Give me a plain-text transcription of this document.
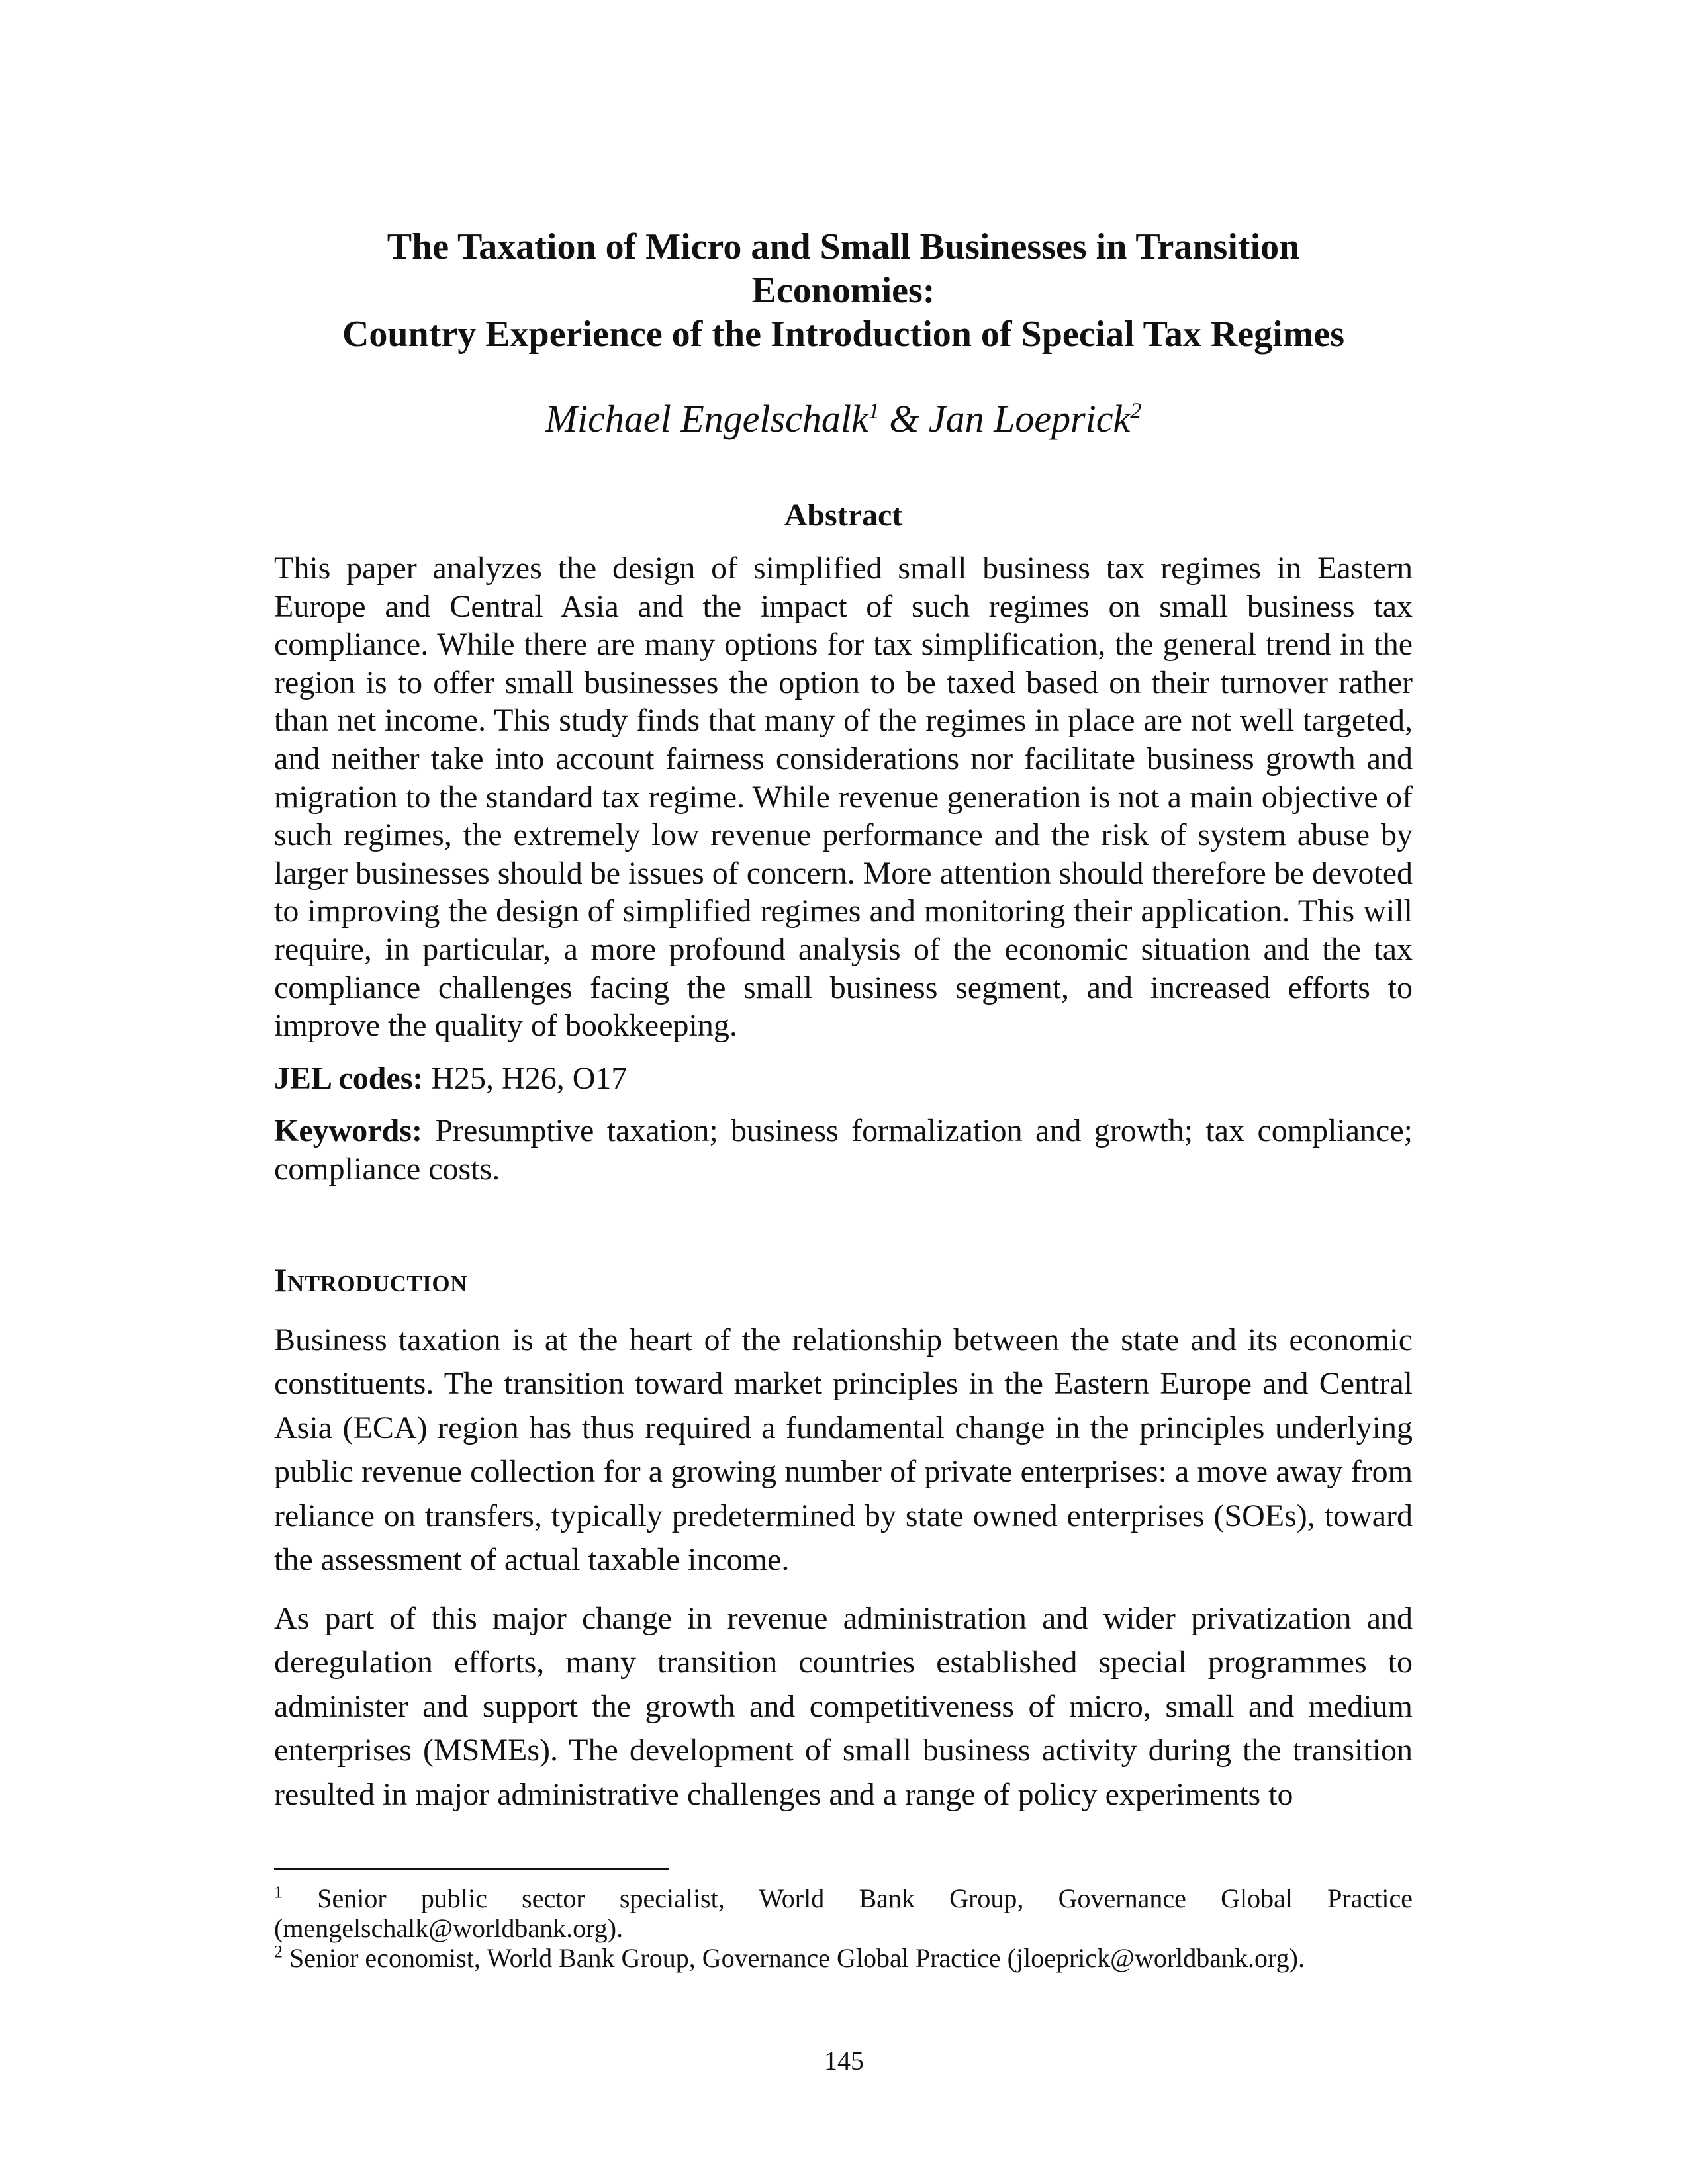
The Taxation of Micro and Small Businesses in Transition
Economies:
Country Experience of the Introduction of Special Tax Regimes
Michael Engelschalk$^1$ & Jan Loeprick$^2$
Abstract

This paper analyzes the design of simplified small business tax regimes in Eastern Europe and Central Asia and the impact of such regimes on small business tax compliance. While there are many options for tax simplification, the general trend in the region is to offer small businesses the option to be taxed based on their turnover rather than net income. This study finds that many of the regimes in place are not well targeted, and neither take into account fairness considerations nor facilitate business growth and migration to the standard tax regime. While revenue generation is not a main objective of such regimes, the extremely low revenue performance and the risk of system abuse by larger businesses should be issues of concern. More attention should therefore be devoted to improving the design of simplified regimes and monitoring their application. This will require, in particular, a more profound analysis of the economic situation and the tax compliance challenges facing the small business segment, and increased efforts to improve the quality of bookkeeping.

JEL codes: H25, H26, O17

Keywords: Presumptive taxation; business formalization and growth; tax compliance; compliance costs.

Introduction

Business taxation is at the heart of the relationship between the state and its economic constituents. The transition toward market principles in the Eastern Europe and Central Asia (ECA) region has thus required a fundamental change in the principles underlying public revenue collection for a growing number of private enterprises: a move away from reliance on transfers, typically predetermined by state owned enterprises (SOEs), toward the assessment of actual taxable income.

As part of this major change in revenue administration and wider privatization and deregulation efforts, many transition countries established special programmes to administer and support the growth and competitiveness of micro, small and medium enterprises (MSMEs). The development of small business activity during the transition resulted in major administrative challenges and a range of policy experiments to

$^1$ Senior public sector specialist, World Bank Group, Governance Global Practice (mengelschalk@worldbank.org).

$^2$ Senior economist, World Bank Group, Governance Global Practice (jloeprick@worldbank.org).

145
